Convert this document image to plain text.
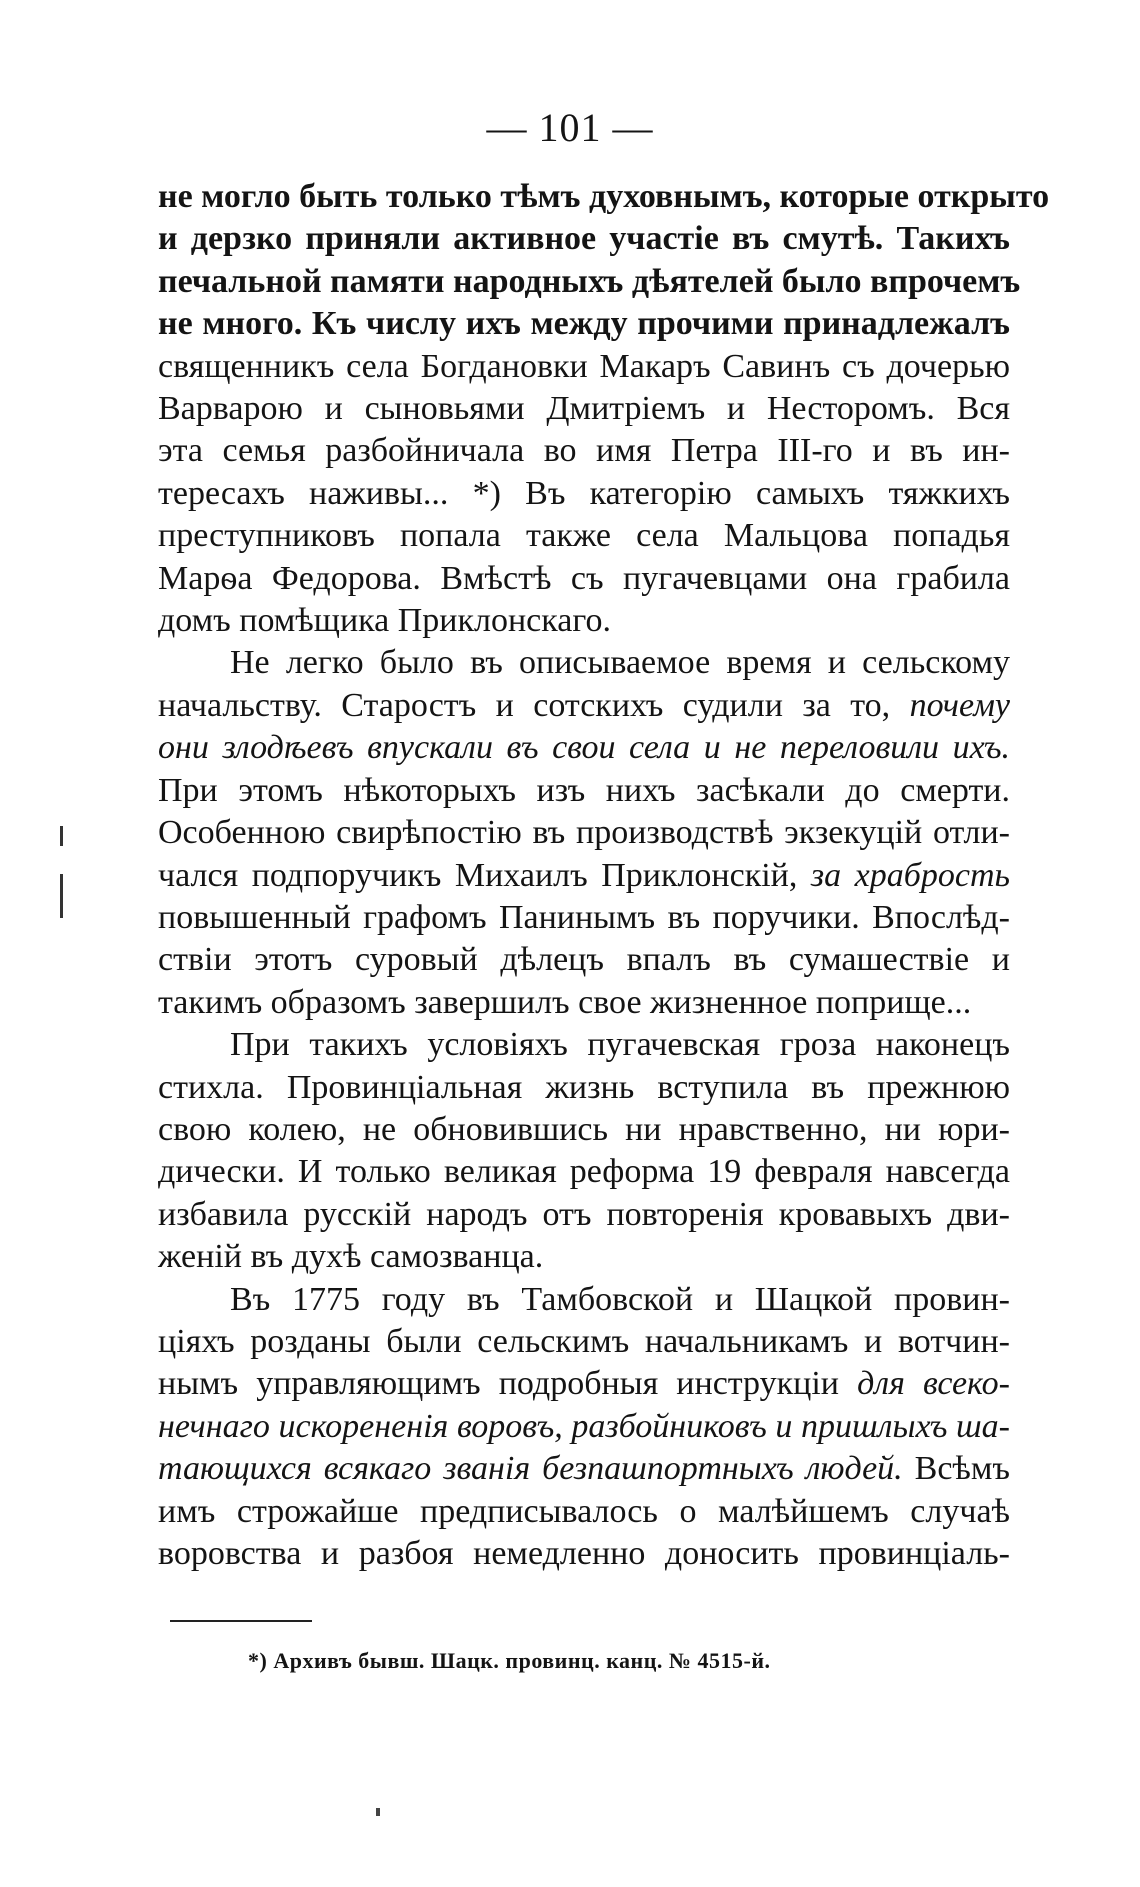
— 101 —
не могло быть только тѣмъ духовнымъ, которые открыто
и дерзко приняли активное участіе въ смутѣ. Такихъ
печальной памяти народныхъ дѣятелей было впрочемъ
не много. Къ числу ихъ между прочими принадлежалъ
священникъ села Богдановки Макаръ Савинъ съ дочерью
Варварою и сыновьями Дмитріемъ и Несторомъ. Вся
эта семья разбойничала во имя Петра III-го и въ ин-
тересахъ наживы... *) Въ категорію самыхъ тяжкихъ
преступниковъ попала также села Мальцова попадья
Марѳа Федорова. Вмѣстѣ съ пугачевцами она грабила
домъ помѣщика Приклонскаго.
Не легко было въ описываемое время и сельскому
начальству. Старостъ и сотскихъ судили за то, почему
они злодѣевъ впускали въ свои села и не переловили ихъ.
При этомъ нѣкоторыхъ изъ нихъ засѣкали до смерти.
Особенною свирѣпостію въ производствѣ экзекуцій отли-
чался подпоручикъ Михаилъ Приклонскій, за храбрость
повышенный графомъ Панинымъ въ поручики. Впослѣд-
ствіи этотъ суровый дѣлецъ впалъ въ сумашествіе и
такимъ образомъ завершилъ свое жизненное поприще...
При такихъ условіяхъ пугачевская гроза наконецъ
стихла. Провинціальная жизнь вступила въ прежнюю
свою колею, не обновившись ни нравственно, ни юри-
дически. И только великая реформа 19 февраля навсегда
избавила русскій народъ отъ повторенія кровавыхъ дви-
женій въ духѣ самозванца.
Въ 1775 году въ Тамбовской и Шацкой провин-
ціяхъ розданы были сельскимъ начальникамъ и вотчин-
нымъ управляющимъ подробныя инструкціи для всеко-
нечнаго искорененія воровъ, разбойниковъ и пришлыхъ ша-
тающихся всякаго званія безпашпортныхъ людей. Всѣмъ
имъ строжайше предписывалось о малѣйшемъ случаѣ
воровства и разбоя немедленно доносить провинціаль-
*) Архивъ бывш. Шацк. провинц. канц. № 4515-й.
